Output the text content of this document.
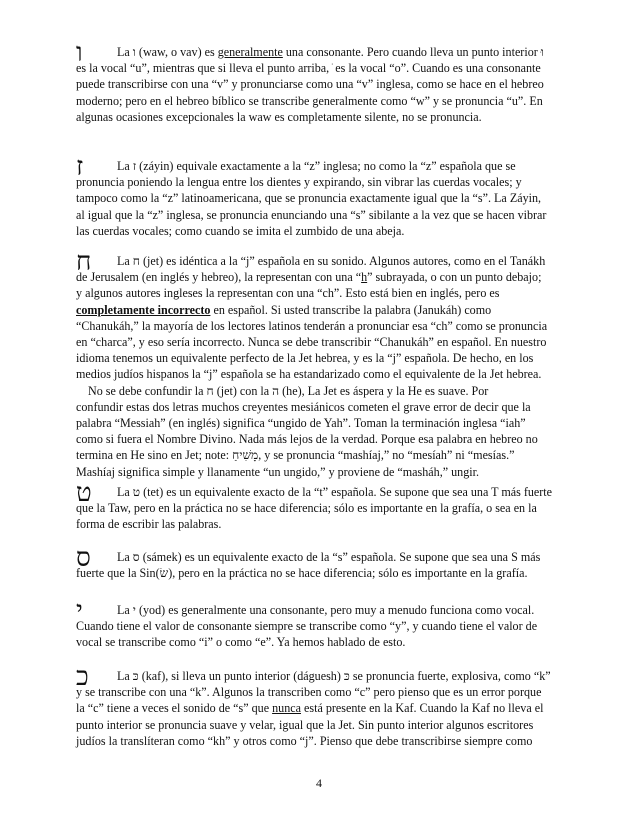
ו	La ו (waw, o vav) es generalmente una consonante. Pero cuando lleva un punto interior ּו

es la vocal “u”, mientras que si lleva el punto arriba, ֹ es la vocal “o”. Cuando es una consonante

puede transcribirse con una “v” y pronunciarse como una “v” inglesa, como se hace en el hebreo

moderno; pero en el hebreo bíblico se transcribe generalmente como “w” y se pronuncia “u”. En

algunas ocasiones excepcionales la waw es completamente silente, no se pronuncia.

ז	La ז (záyin) equivale exactamente a la “z” inglesa; no como la “z” española que se

pronuncia poniendo la lengua entre los dientes y expirando, sin vibrar las cuerdas vocales; y

tampoco como la “z” latinoamericana, que se pronuncia exactamente igual que la “s”. La Záyin,

al igual que la “z” inglesa, se pronuncia enunciando una “s” sibilante a la vez que se hacen vibrar

las cuerdas vocales; como cuando se imita el zumbido de una abeja.

ח	La ח (jet) es idéntica a la “j” española en su sonido. Algunos autores, como en el Tanákh

de Jerusalem (en inglés y hebreo), la representan con una “h” subrayada, o con un punto debajo;

y algunos autores ingleses la representan con una “ch”. Esto está bien en inglés, pero es

completamente incorrecto en español. Si usted transcribe la palabra (Janukáh) como

“Chanukáh,” la mayoría de los lectores latinos tenderán a pronunciar esa “ch” como se pronuncia

en “charca”, y eso sería incorrecto. Nunca se debe transcribir “Chanukáh” en español. En nuestro

idioma tenemos un equivalente perfecto de la Jet hebrea, y es la “j” española. De hecho, en los

medios judíos hispanos la “j” española se ha estandarizado como el equivalente de la Jet hebrea.

No se debe confundir la ח (jet) con la ה (he), La Jet es áspera y la He es suave. Por

confundir estas dos letras muchos creyentes mesiánicos cometen el grave error de decir que la

palabra “Messiah” (en inglés) significa “ungido de Yah”. Toman la terminación inglesa “iah”

como si fuera el Nombre Divino. Nada más lejos de la verdad. Porque esa palabra en hebreo no

termina en He sino en Jet; note: מָשִׁיחַ, y se pronuncia “mashíaj,” no “mesíah” ni “mesías.”

Mashíaj significa simple y llanamente “un ungido,” y proviene de “masháh,” ungir.

ט	La ט (tet) es un equivalente exacto de la “t” española. Se supone que sea una T más fuerte

que la Taw, pero en la práctica no se hace diferencia; sólo es importante en la grafía, o sea en la

forma de escribir las palabras.

ס	La ס (sámek) es un equivalente exacto de la “s” española. Se supone que sea una S más

fuerte que la Sin(שׂ), pero en la práctica no se hace diferencia; sólo es importante en la grafía.

י	La י (yod) es generalmente una consonante, pero muy a menudo funciona como vocal.

Cuando tiene el valor de consonante siempre se transcribe como “y”, y cuando tiene el valor de

vocal se transcribe como “i” o como “e”. Ya hemos hablado de esto.

כ	La כּ (kaf), si lleva un punto interior (dáguesh) כּ se pronuncia fuerte, explosiva, como “k”

y se transcribe con una “k”. Algunos la transcriben como “c” pero pienso que es un error porque

la “c” tiene a veces el sonido de “s” que nunca está presente en la Kaf. Cuando la Kaf no lleva el

punto interior se pronuncia suave y velar, igual que la Jet. Sin punto interior algunos escritores

judíos la translíteran como “kh” y otros como “j”. Pienso que debe transcribirse siempre como

4
